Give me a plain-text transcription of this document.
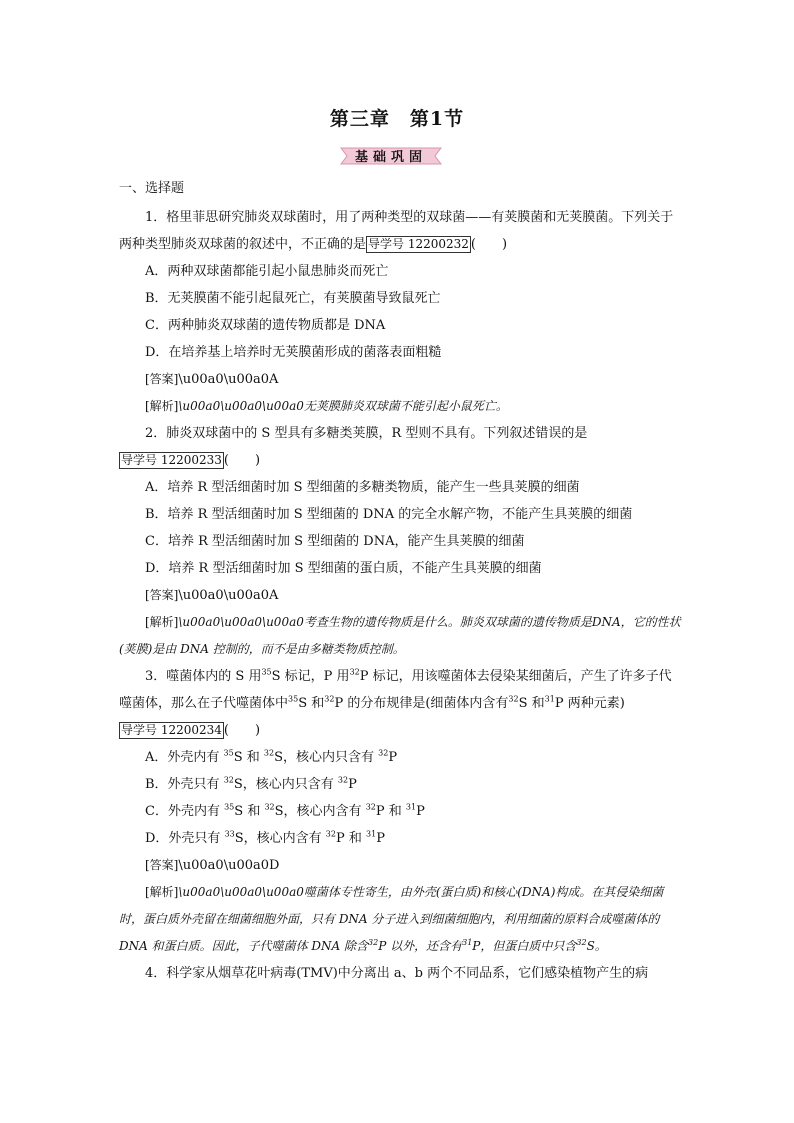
第三章　第1节
基础巩固
一、选择题

1．格里菲思研究肺炎双球菌时，用了两种类型的双球菌——有荚膜菌和无荚膜菌。下列关于两种类型肺炎双球菌的叙述中，不正确的是 导学号 12200232 (　　)

A．两种双球菌都能引起小鼠患肺炎而死亡

B．无荚膜菌不能引起鼠死亡，有荚膜菌导致鼠死亡

C．两种肺炎双球菌的遗传物质都是 DNA

D．在培养基上培养时无荚膜菌形成的菌落表面粗糙

[答案]\u00a0\u00a0A

[解析]\u00a0\u00a0\u00a0无荚膜肺炎双球菌不能引起小鼠死亡。

2．肺炎双球菌中的 S 型具有多糖类荚膜，R 型则不具有。下列叙述错误的是导学号 12200233 (　　)

A．培养 R 型活细菌时加 S 型细菌的多糖类物质，能产生一些具荚膜的细菌

B．培养 R 型活细菌时加 S 型细菌的 DNA 的完全水解产物，不能产生具荚膜的细菌

C．培养 R 型活细菌时加 S 型细菌的 DNA，能产生具荚膜的细菌

D．培养 R 型活细菌时加 S 型细菌的蛋白质，不能产生具荚膜的细菌

[答案]\u00a0\u00a0A

[解析]\u00a0\u00a0\u00a0考查生物的遗传物质是什么。肺炎双球菌的遗传物质是DNA，它的性状(荚膜)是由 DNA 控制的，而不是由多糖类物质控制。

3．噬菌体内的 S 用$^{35}$S 标记，P 用$^{32}$P 标记，用该噬菌体去侵染某细菌后，产生了许多子代噬菌体，那么在子代噬菌体中$^{35}$S 和$^{32}$P 的分布规律是(细菌体内含有$^{32}$S 和$^{31}$P 两种元素)导学号 12200234 (　　)

A．外壳内有 $^{35}$S 和 $^{32}$S，核心内只含有 $^{32}$P

B．外壳只有 $^{32}$S，核心内只含有 $^{32}$P

C．外壳内有 $^{35}$S 和 $^{32}$S，核心内含有 $^{32}$P 和 $^{31}$P

D．外壳只有 $^{33}$S，核心内含有 $^{32}$P 和 $^{31}$P

[答案]\u00a0\u00a0D

[解析]\u00a0\u00a0\u00a0噬菌体专性寄生，由外壳(蛋白质)和核心(DNA)构成。在其侵染细菌时，蛋白质外壳留在细菌细胞外面，只有 DNA 分子进入到细菌细胞内，利用细菌的原料合成噬菌体的 DNA 和蛋白质。因此，子代噬菌体 DNA 除含$^{32}$P 以外，还含有$^{31}$P，但蛋白质中只含$^{32}$S。

4．科学家从烟草花叶病毒(TMV)中分离出 a、b 两个不同品系，它们感染植物产生的病
